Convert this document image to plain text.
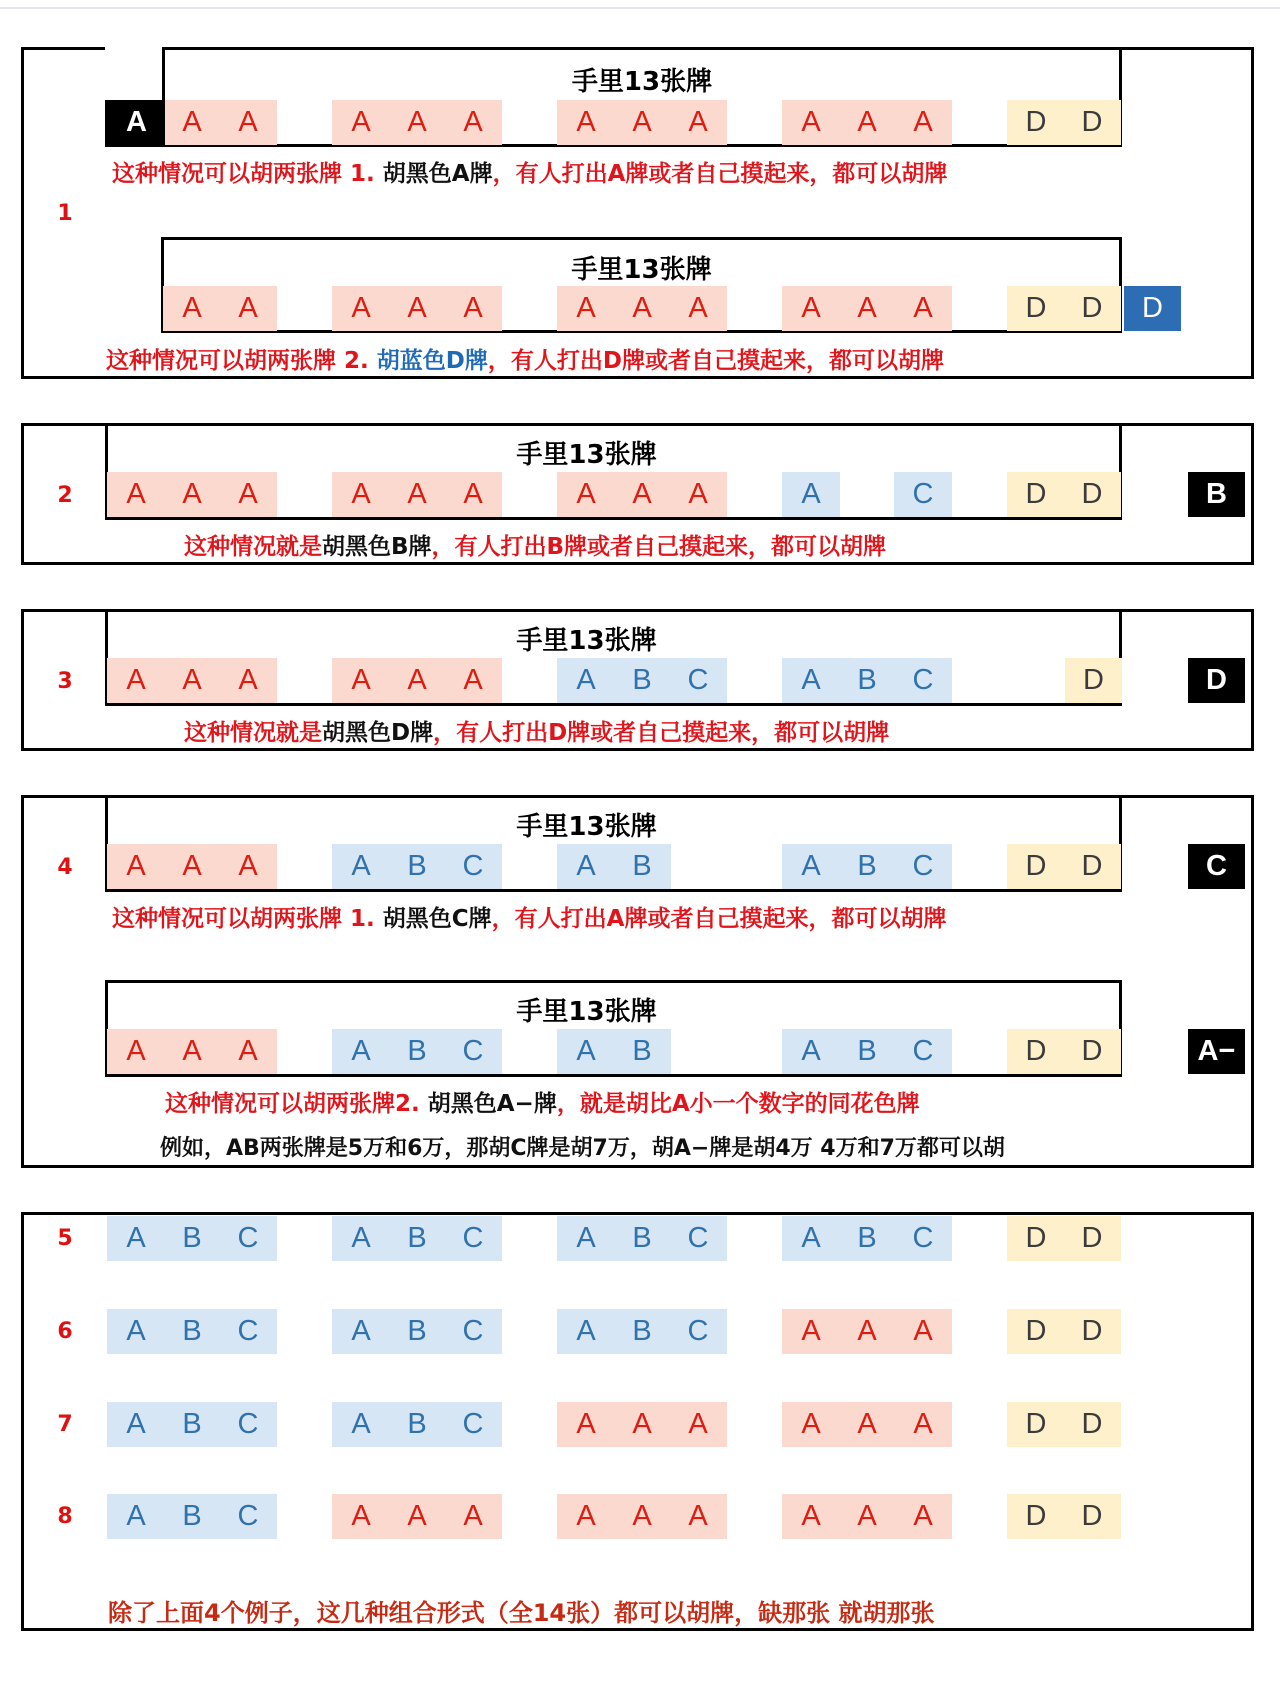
1
手里13张牌
A	A	A	A	A	A	A	A	A	A	A	D	D
A
这种情况可以胡两张牌 1. 胡黑色A牌，有人打出A牌或者自己摸起来，都可以胡牌
手里13张牌
A	A	A	A	A	A	A	A	A	A	A	D	D	D
这种情况可以胡两张牌 2. 胡蓝色D牌，有人打出D牌或者自己摸起来，都可以胡牌
2
手里13张牌
A	A	A	A	A	A	A	A	A	A	C	D	D	B
这种情况就是胡黑色B牌，有人打出B牌或者自己摸起来，都可以胡牌
3
手里13张牌
A	A	A	A	A	A	A	B	C	A	B	C	D	D
这种情况就是胡黑色D牌，有人打出D牌或者自己摸起来，都可以胡牌
4
手里13张牌
A	A	A	A	B	C	A	B	A	B	C	D	D	C
这种情况可以胡两张牌 1. 胡黑色C牌，有人打出A牌或者自己摸起来，都可以胡牌
手里13张牌
A	A	A	A	B	C	A	B	A	B	C	D	D	A−
这种情况可以胡两张牌2. 胡黑色A−牌，就是胡比A小一个数字的同花色牌
例如，AB两张牌是5万和6万，那胡C牌是胡7万，胡A−牌是胡4万 4万和7万都可以胡
5	A	B	C	A	B	C	A	B	C	A	B	C	D	D
6	A	B	C	A	B	C	A	B	C	A	A	A	D	D
7	A	B	C	A	B	C	A	A	A	A	A	A	D	D
8	A	B	C	A	A	A	A	A	A	A	A	A	D	D
除了上面4个例子，这几种组合形式（全14张）都可以胡牌，缺那张 就胡那张
